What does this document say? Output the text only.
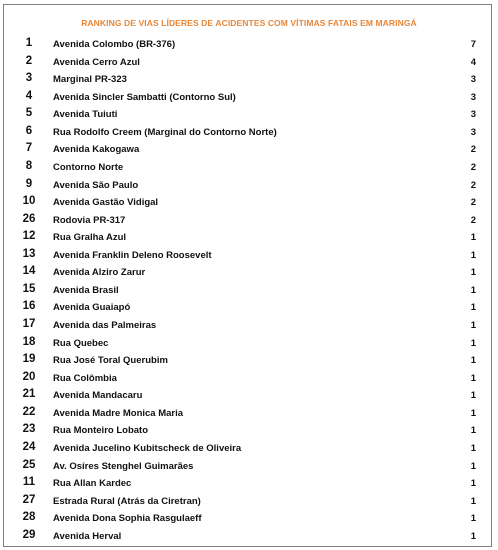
RANKING DE VIAS LÍDERES DE ACIDENTES COM VÍTIMAS FATAIS EM MARINGÁ
1	Avenida Colombo (BR-376)	7
2	Avenida Cerro Azul	4
3	Marginal PR-323	3
4	Avenida Sincler Sambatti (Contorno Sul)	3
5	Avenida Tuiuti	3
6	Rua Rodolfo Creem (Marginal do Contorno Norte)	3
7	Avenida Kakogawa	2
8	Contorno Norte	2
9	Avenida São Paulo	2
10 Avenida Gastão Vidigal	2
26 Rodovia PR-317	2
12 Rua Gralha Azul	1
13 Avenida Franklin Deleno Roosevelt	1
14 Avenida Alziro Zarur	1
15 Avenida Brasil	1
16 Avenida Guaiapó	1
17 Avenida das Palmeiras	1
18 Rua Quebec	1
19 Rua José Toral Querubim	1
20 Rua Colômbia	1
21 Avenida Mandacaru	1
22 Avenida Madre Monica Maria	1
23 Rua Monteiro Lobato	1
24 Avenida Jucelino Kubitscheck de Oliveira	1
25 Av. Osíres Stenghel Guimarães	1
11	Rua Allan Kardec	1
27 Estrada Rural (Atrás da Ciretran)	1
28 Avenida Dona Sophia Rasgulaeff	1
29 Avenida Herval	1
